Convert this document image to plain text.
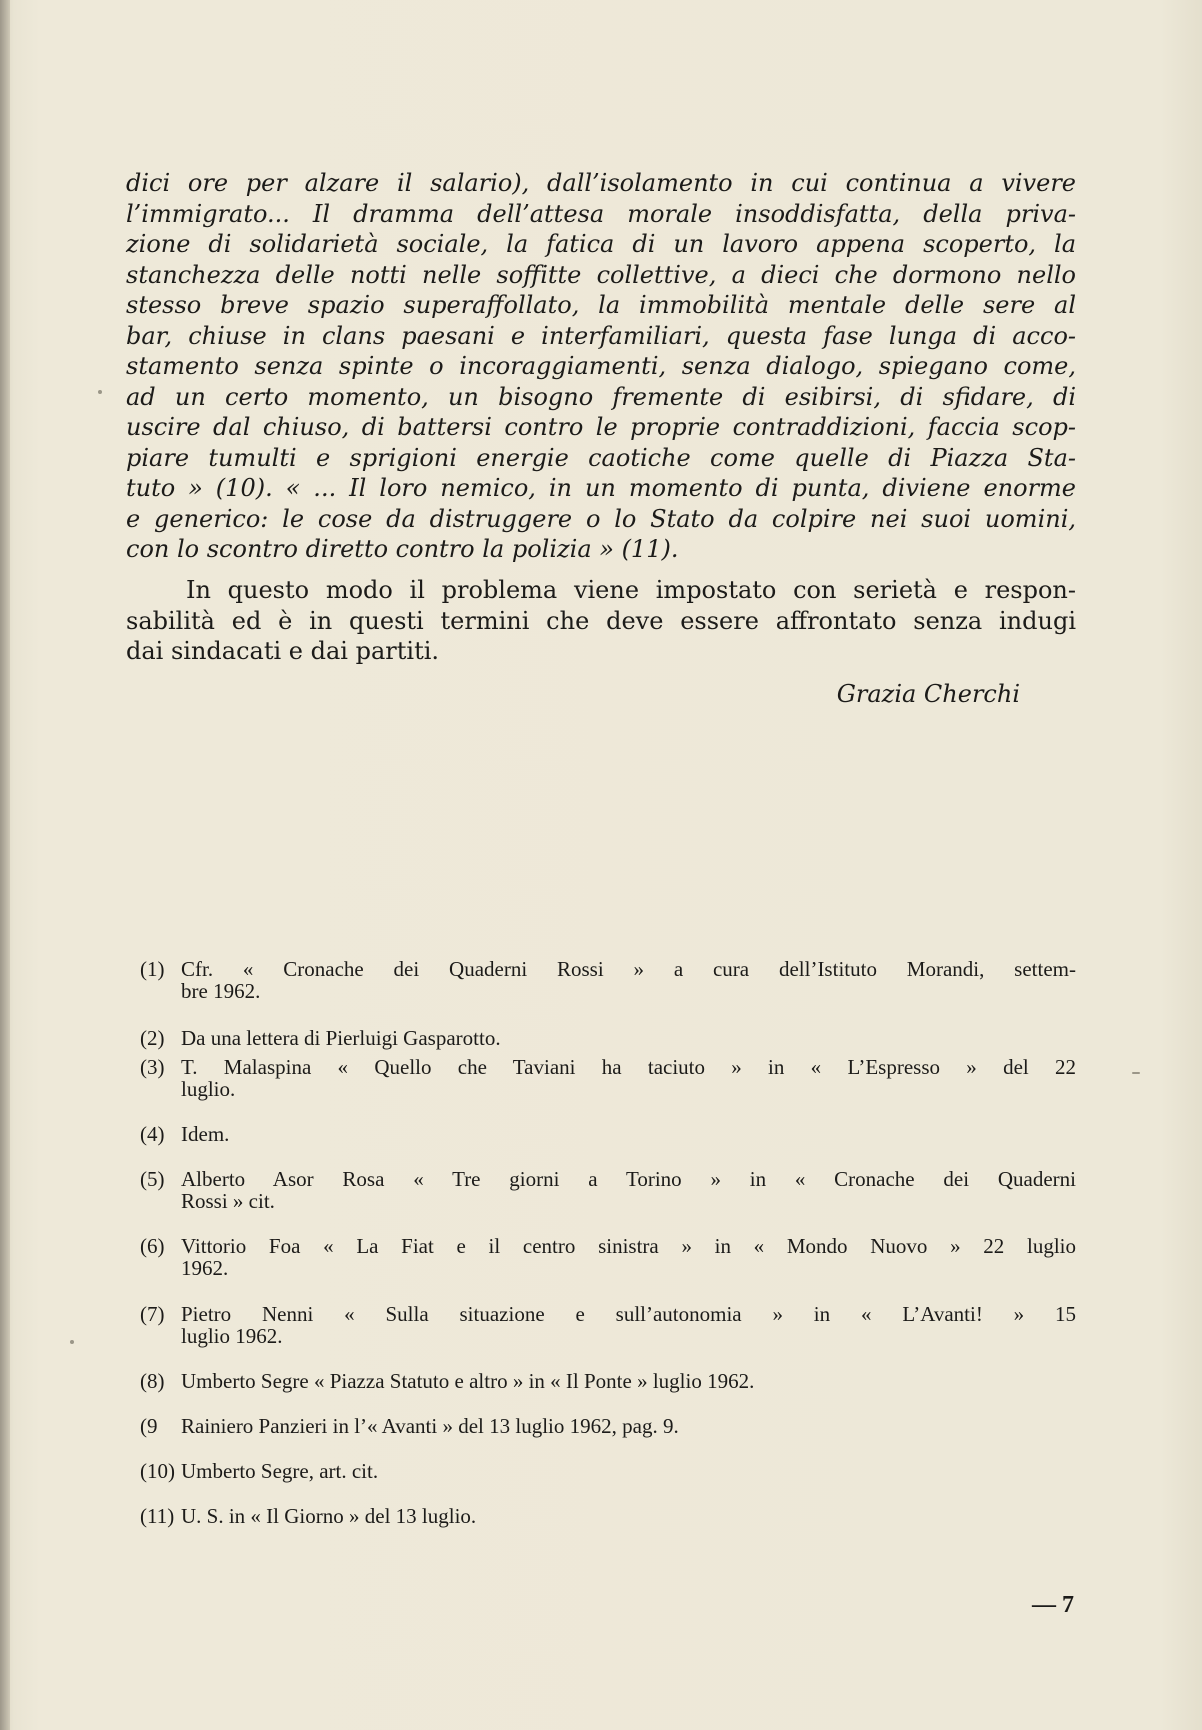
dici ore per alzare il salario), dall’isolamento in cui continua a vivere
l’immigrato... Il dramma dell’attesa morale insoddisfatta, della priva-
zione di solidarietà sociale, la fatica di un lavoro appena scoperto, la
stanchezza delle notti nelle soffitte collettive, a dieci che dormono nello
stesso breve spazio superaffollato, la immobilità mentale delle sere al
bar, chiuse in clans paesani e interfamiliari, questa fase lunga di acco-
stamento senza spinte o incoraggiamenti, senza dialogo, spiegano come,
ad un certo momento, un bisogno fremente di esibirsi, di sfidare, di
uscire dal chiuso, di battersi contro le proprie contraddizioni, faccia scop-
piare tumulti e sprigioni energie caotiche come quelle di Piazza Sta-
tuto » (10). « ... Il loro nemico, in un momento di punta, diviene enorme
e generico: le cose da distruggere o lo Stato da colpire nei suoi uomini,
con lo scontro diretto contro la polizia » (11).
In questo modo il problema viene impostato con serietà e respon-
sabilità ed è in questi termini che deve essere affrontato senza indugi
dai sindacati e dai partiti.
Grazia Cherchi
(1) Cfr. « Cronache dei Quaderni Rossi » a cura dell’Istituto Morandi, settem-
bre 1962.
(2) Da una lettera di Pierluigi Gasparotto.
(3) T. Malaspina « Quello che Taviani ha taciuto » in « L’Espresso » del 22
luglio.
(4) Idem.
(5) Alberto Asor Rosa « Tre giorni a Torino » in « Cronache dei Quaderni
Rossi » cit.
(6) Vittorio Foa « La Fiat e il centro sinistra » in « Mondo Nuovo » 22 luglio
1962.
(7) Pietro Nenni « Sulla situazione e sull’autonomia » in « L’Avanti! » 15
luglio 1962.
(8) Umberto Segre « Piazza Statuto e altro » in « Il Ponte » luglio 1962.
(9	Rainiero Panzieri in l’« Avanti » del 13 luglio 1962, pag. 9.
(10) Umberto Segre, art. cit.
(11) U. S. in « Il Giorno » del 13 luglio.
— 7
